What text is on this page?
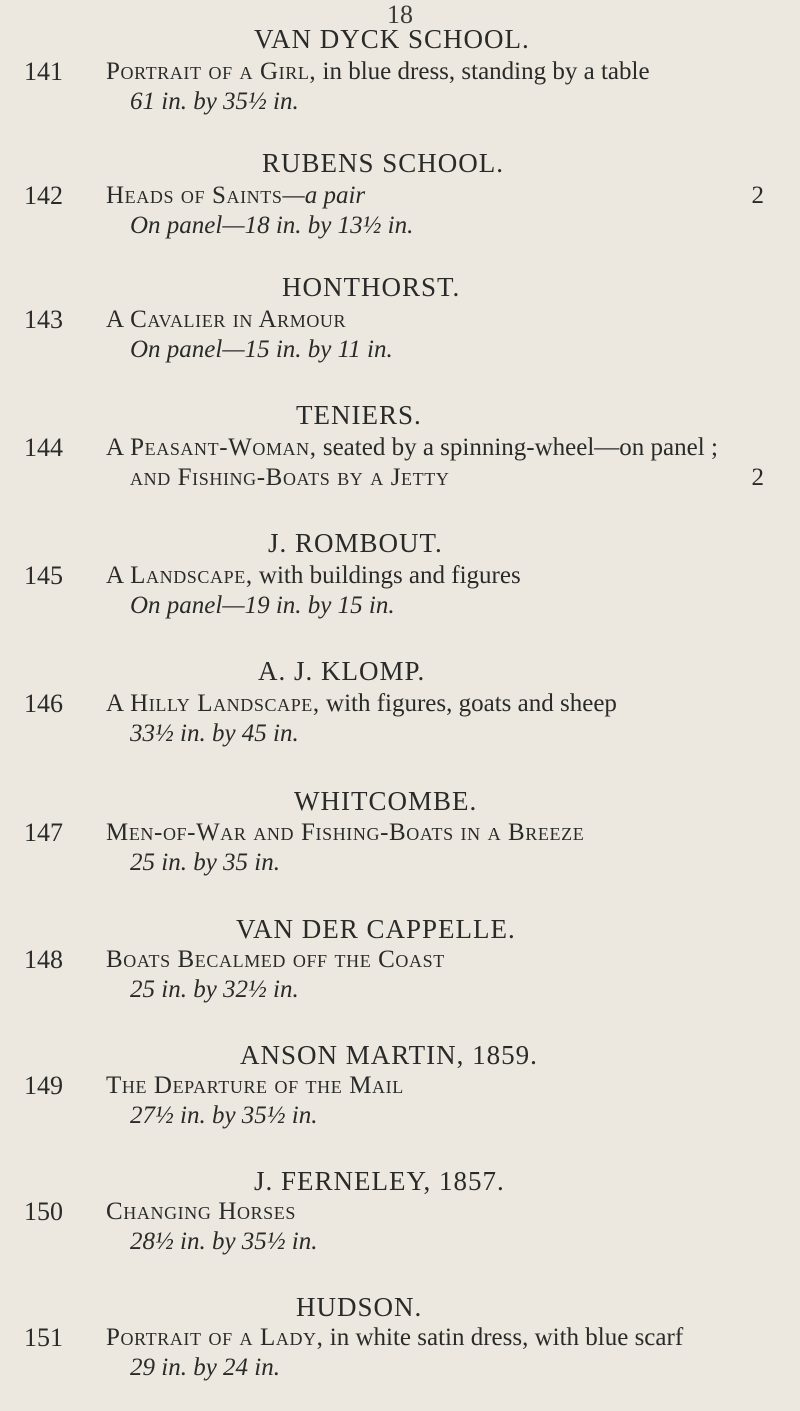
18
VAN DYCK SCHOOL.
141	Portrait of a Girl, in blue dress, standing by a table
61 in. by 35½ in.
RUBENS SCHOOL.
142	Heads of Saints—a pair	2
On panel—18 in. by 13½ in.
HONTHORST.
143	A Cavalier in Armour
On panel—15 in. by 11 in.
TENIERS.
144	A Peasant-Woman, seated by a spinning-wheel—on panel ;
and Fishing-Boats by a Jetty	2
J. ROMBOUT.
145	A Landscape, with buildings and figures
On panel—19 in. by 15 in.
A. J. KLOMP.
146	A Hilly Landscape, with figures, goats and sheep
33½ in. by 45 in.
WHITCOMBE.
147	Men-of-War and Fishing-Boats in a Breeze
25 in. by 35 in.
VAN DER CAPPELLE.
148	Boats Becalmed off the Coast
25 in. by 32½ in.
ANSON MARTIN, 1859.
149	The Departure of the Mail
27½ in. by 35½ in.
J. FERNELEY, 1857.
150	Changing Horses
28½ in. by 35½ in.
HUDSON.
151	Portrait of a Lady, in white satin dress, with blue scarf
29 in. by 24 in.
